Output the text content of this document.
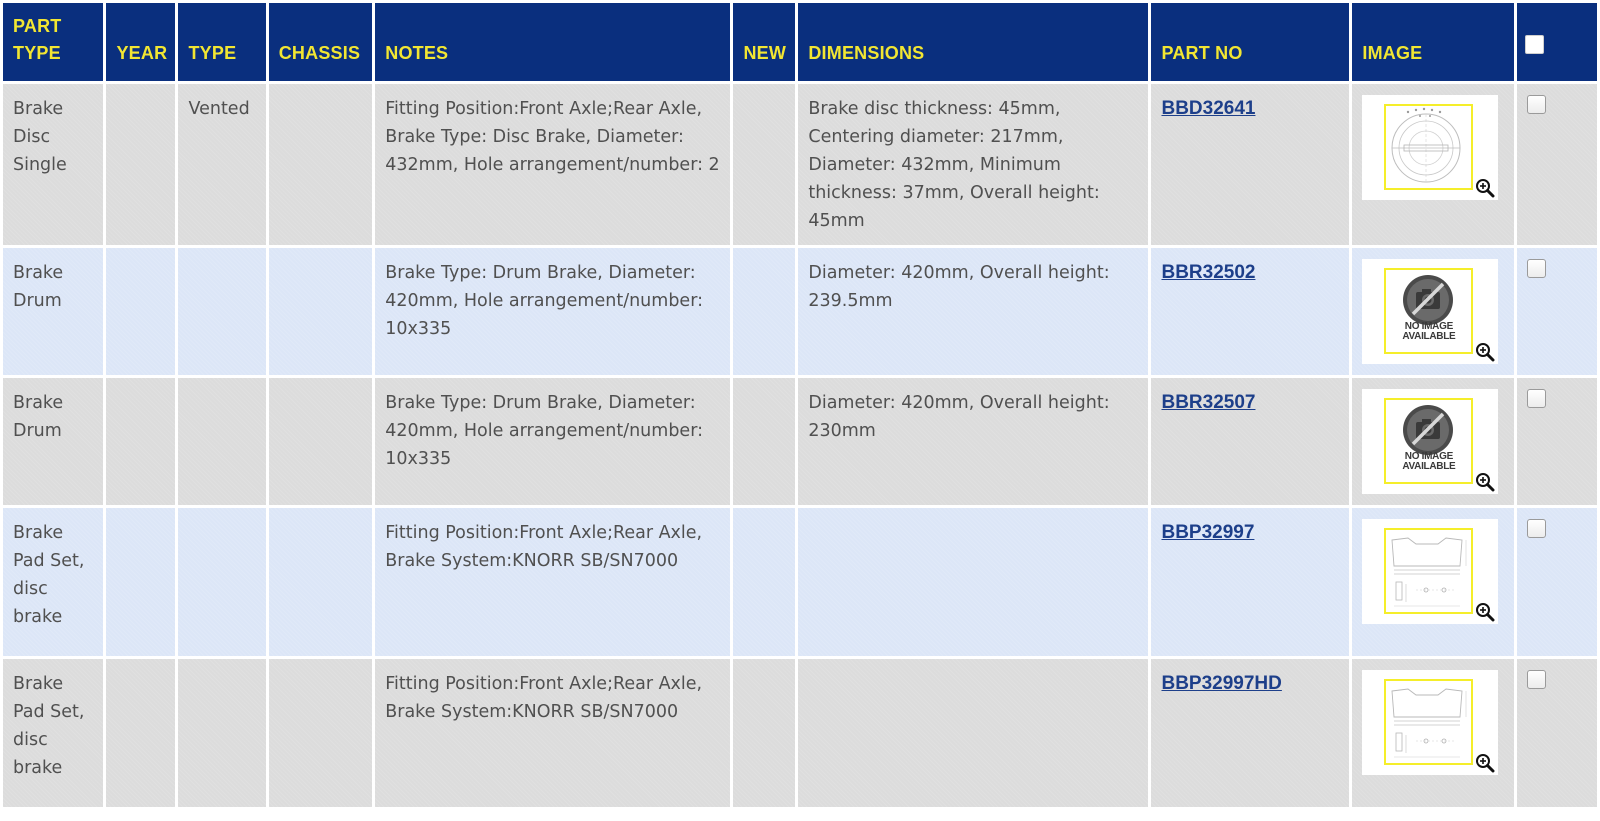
PART TYPE	YEAR	TYPE	CHASSIS	NOTES	NEW	DIMENSIONS	PART NO	IMAGE	
Brake Disc Single		Vented		Fitting Position:Front Axle;Rear Axle, Brake Type: Disc Brake, Diameter: 432mm, Hole arrangement/number: 2		Brake disc thickness: 45mm, Centering diameter: 217mm, Diameter: 432mm, Minimum thickness: 37mm, Overall height: 45mm	BBD32641	

Brake Drum				Brake Type: Drum Brake, Diameter: 420mm, Hole arrangement/number: 10x335		Diameter: 420mm, Overall height: 239.5mm	BBR32502	NO IMAGE AVAILABLE	

Brake Drum				Brake Type: Drum Brake, Diameter: 420mm, Hole arrangement/number: 10x335		Diameter: 420mm, Overall height: 230mm	BBR32507	NO IMAGE AVAILABLE	

Brake Pad Set, disc brake				Fitting Position:Front Axle;Rear Axle, Brake System:KNORR SB/SN7000			BBP32997	

Brake Pad Set, disc brake				Fitting Position:Front Axle;Rear Axle, Brake System:KNORR SB/SN7000			BBP32997HD	
